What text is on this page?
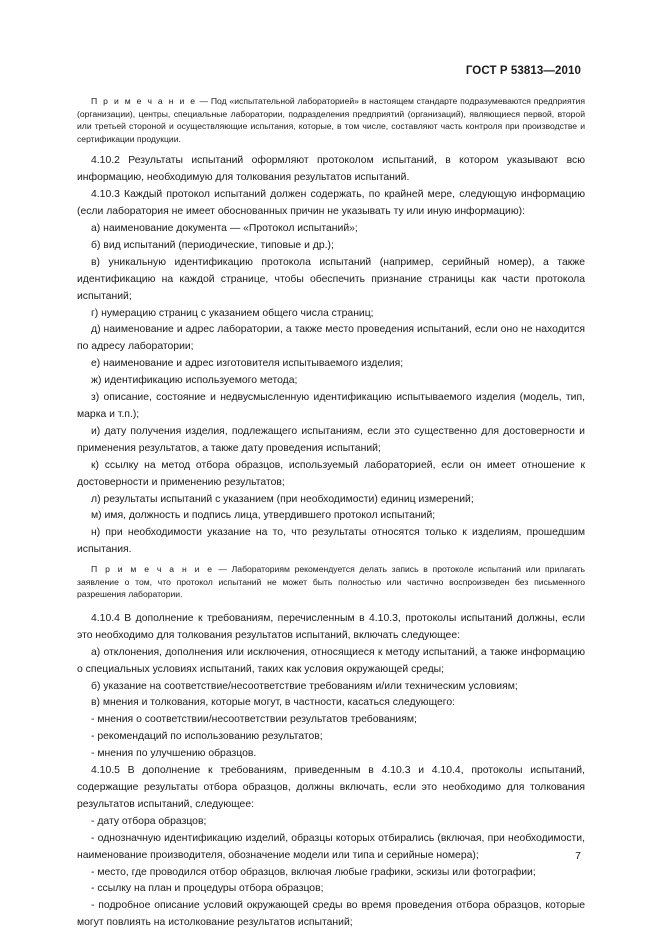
ГОСТ Р 53813—2010

П р и м е ч а н и е — Под «испытательной лабораторией» в настоящем стандарте подразумеваются предприятия (организации), центры, специальные лаборатории, подразделения предприятий (организаций), являющиеся первой, второй или третьей стороной и осуществляющие испытания, которые, в том числе, составляют часть контроля при производстве и сертификации продукции.

4.10.2 Результаты испытаний оформляют протоколом испытаний, в котором указывают всю информацию, необходимую для толкования результатов испытаний.

4.10.3 Каждый протокол испытаний должен содержать, по крайней мере, следующую информацию (если лаборатория не имеет обоснованных причин не указывать ту или иную информацию):

а) наименование документа — «Протокол испытаний»;

б) вид испытаний (периодические, типовые и др.);

в) уникальную идентификацию протокола испытаний (например, серийный номер), а также идентификацию на каждой странице, чтобы обеспечить признание страницы как части протокола испытаний;

г) нумерацию страниц с указанием общего числа страниц;

д) наименование и адрес лаборатории, а также место проведения испытаний, если оно не находится по адресу лаборатории;

е) наименование и адрес изготовителя испытываемого изделия;

ж) идентификацию используемого метода;

з) описание, состояние и недвусмысленную идентификацию испытываемого изделия (модель, тип, марка и т.п.);

и) дату получения изделия, подлежащего испытаниям, если это существенно для достоверности и применения результатов, а также дату проведения испытаний;

к) ссылку на метод отбора образцов, используемый лабораторией, если он имеет отношение к достоверности и применению результатов;

л) результаты испытаний с указанием (при необходимости) единиц измерений;

м) имя, должность и подпись лица, утвердившего протокол испытаний;

н) при необходимости указание на то, что результаты относятся только к изделиям, прошедшим испытания.

П р и м е ч а н и е — Лабораториям рекомендуется делать запись в протоколе испытаний или прилагать заявление о том, что протокол испытаний не может быть полностью или частично воспроизведен без письменного разрешения лаборатории.

4.10.4 В дополнение к требованиям, перечисленным в 4.10.3, протоколы испытаний должны, если это необходимо для толкования результатов испытаний, включать следующее:

а) отклонения, дополнения или исключения, относящиеся к методу испытаний, а также информацию о специальных условиях испытаний, таких как условия окружающей среды;

б) указание на соответствие/несоответствие требованиям и/или техническим условиям;

в) мнения и толкования, которые могут, в частности, касаться следующего:

- мнения о соответствии/несоответствии результатов требованиям;

- рекомендаций по использованию результатов;

- мнения по улучшению образцов.

4.10.5 В дополнение к требованиям, приведенным в 4.10.3 и 4.10.4, протоколы испытаний, содержащие результаты отбора образцов, должны включать, если это необходимо для толкования результатов испытаний, следующее:

- дату отбора образцов;

- однозначную идентификацию изделий, образцы которых отбирались (включая, при необходимости, наименование производителя, обозначение модели или типа и серийные номера);

- место, где проводился отбор образцов, включая любые графики, эскизы или фотографии;

- ссылку на план и процедуры отбора образцов;

- подробное описание условий окружающей среды во время проведения отбора образцов, которые могут повлиять на истолкование результатов испытаний;

7
